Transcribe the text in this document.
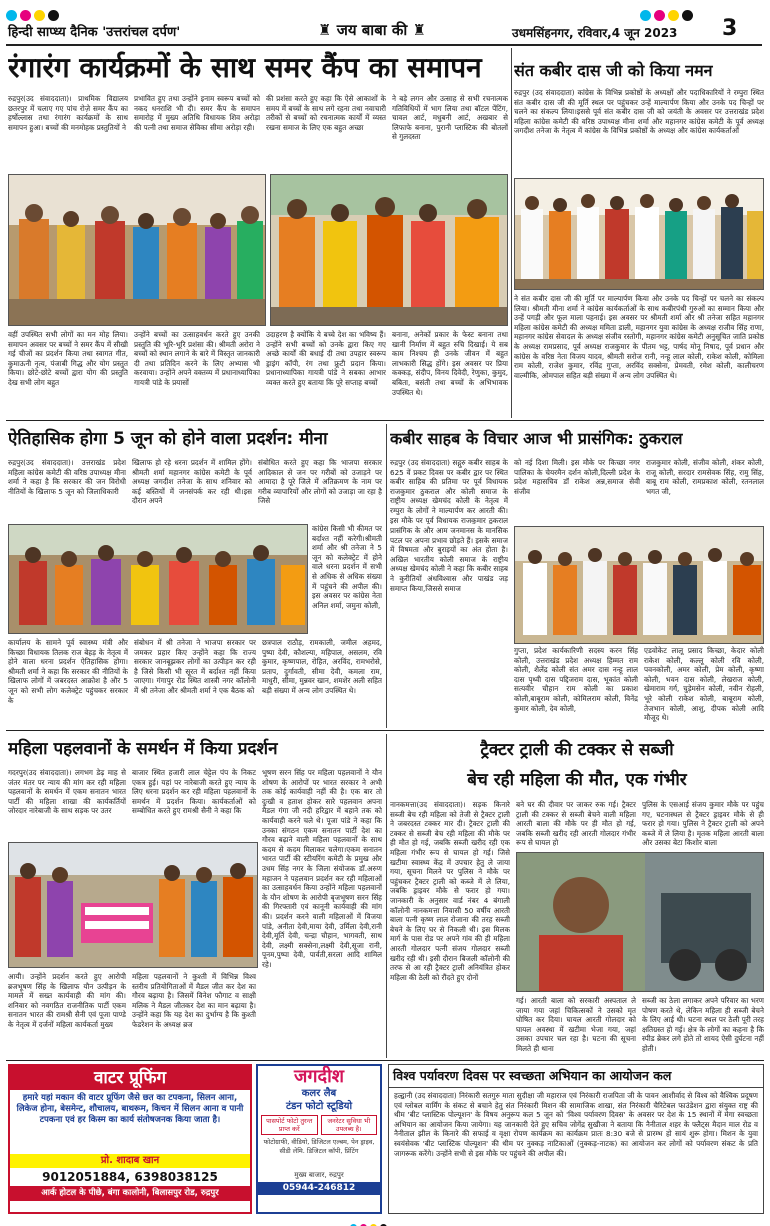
हिन्दी साप्ध्य दैनिक 'उत्तरांचल दर्पण'	♜ जय बाबा की ♜	उधमसिंहनगर, रविवार,4 जून 2023 3
रंगारंग कार्यक्रमों के साथ समर कैंप का समापन
रुद्रपुर(उद संवाददाता)। प्राथमिक विद्यालय छतरपुर में चलाए गए पांच रोज़े समर कैंप का हर्षोल्लास तथा रंगारंग कार्यक्रमों के साथ समापन हुआ। बच्चों की मनमोहक प्रस्तुतियों ने
प्रभावित हुए तथा उन्होंने इनाम स्वरूप बच्चों को नकद धनराशि भी दी। समर कैंप के समापन समारोह में मुख्य अतिथि विधायक शिव अरोड़ा की पत्नी तथा समाज सेविका सीमा अरोड़ा रही।
की प्रशंसा करते हुए कहा कि ऐसे आकाशों के समय में बच्चों के साथ लगे रहना तथा नवाचारी तरीकों से बच्चों को रचनात्मक कार्यों में व्यस्त रखना समाज के लिए एक बहुत अच्छा
ने बड़े लगन और उत्साह से सभी रचनात्मक गतिविधियों में भाग लिया तथा बॉटल पेंटिंग, चावल आर्ट, मधुबनी आर्ट, अखबार से लिफाफे बनाना, पुरानी प्लास्टिक की बोतलों से गुलदस्ता
वहीं उपस्थित सभी लोगों का मन मोह लिया। समापन अवसर पर बच्चों ने समर कैंप में सीखी गई चीजों का प्रदर्शन किया तथा स्वागत गीत, कुमाऊनी नृत्य, पंजाबी गिद्ध और योग प्रस्तुत किया। छोटे-छोटे बच्चों द्वारा योग की प्रस्तुति देख सभी लोग बहुत
उन्होंने बच्चों का उत्साहवर्धन करते हुए उनकी प्रस्तुति की भूरि-भूरि प्रशंसा की। श्रीमती अरोरा ने बच्चों को स्थान लगाने के बारे में विस्तृत जानकारी दी तथा प्रतिदिन करने के लिए अभ्यास भी करवाया। उन्होंने अपने वक्तव्य में प्रधानाध्यापिका गायत्री पांडे के प्रयासों
उदाहरण है क्योंकि ये बच्चे देश का भविष्य हैं। उन्होंने सभी बच्चों को उनके द्वारा किए गए अच्छे कार्यों की बधाई दी तथा उपहार स्वरूप ड्राइंग कॉपी, रंग तथा फ्रूटी प्रदान किया। प्रधानाध्यापिका गायत्री पांडे ने सबका आभार व्यक्त करते हुए बताया कि पूरे सप्ताह बच्चों
बनाना, अनेकों प्रकार के फेस्ट बनाना तथा खानी निर्माण में बहुत रुचि दिखाई। ये सब काम निश्चय ही उनके जीवन में बहुत लाभकारी सिद्ध होंगे। इस अवसर पर प्रिया कक्कड़, संदीप, विनय दिवेदी, रेणुका, कुमुद, बबिता, बसंती तथा बच्चों के अभिभावक उपस्थित थे।
संत कबीर दास जी को किया नमन
रुद्रपुर (उद संवाददाता) कांग्रेस के विभिन्न प्रकोष्ठों के अध्यक्षों और पदाधिकारियों ने रम्पुरा स्थित संत कबीर दास जी की मूर्ति स्थल पर पहुंचकर उन्हें माल्यार्पण किया और उनके पद चिन्हों पर चलने का संकल्प लिया।इससे पूर्व संत कबीर दास जी को जयंती के अवसर पर उत्तराखंड प्रदेश महिला कांग्रेस कमेटी की वरिष्ठ उपाध्यक्ष मीना शर्मा और महानगर कांग्रेस कमेटी के पूर्व अध्यक्ष जगदीश तनेजा के नेतृत्व में कांग्रेस के विभिन्न प्रकोष्ठों के अध्यक्ष और कांग्रेस कार्यकर्ताओं
ने संत कबीर दास जी की मूर्ति पर माल्यार्पण किया और उनके पद चिन्हों पर चलने का संकल्प लिया। श्रीमती मीना शर्मा ने कांग्रेस कार्यकर्ताओं के साथ कबीरपंथी गुरुओं का सम्मान किया और उन्हें पगड़ी और फूल माला पहनाई। इस अवसर पर श्रीमती शर्मा और श्री तनेजा सहित महानगर महिला कांग्रेस कमेटी की अध्यक्ष ममिता डाली, महानगर युवा कांग्रेस के अध्यक्ष राजीव सिंह राणा, महानगर कांग्रेस सेवादल के अध्यक्ष संजीव रस्तोगी, महानगर कांग्रेस कमेटी अनुसूचित जाति प्रकोष्ठ के अध्यक्ष रामप्रसाद, पूर्व अध्यक्ष राजकुमार के पीतम भट्ट, पार्षद मोनू निषाद, पूर्व प्रधान और कांग्रेस के वरिष्ठ नेता विजय यादव, श्रीमती सरोज रानी, नन्हू लाल कोली, राकेश कोली, कोमिला राम कोली, राजेश कुमार, रविंद्र गुप्ता, अरविंद सक्सेना, प्रेमवती, रमेश कोली, कालीचरण वाल्मीकि, ओमपाल सहित बड़ी संख्या में अन्य लोग उपस्थित थे।
ऐतिहासिक होगा 5 जून को होने वाला प्रदर्शन: मीना
रुद्रपुर(उद संवाददाता)। उत्तराखंड प्रदेश महिला कांग्रेस कमेटी की वरिष्ठ उपाध्यक्ष मीना शर्मा ने कहा है कि सरकार की जन विरोधी नीतियों के खिलाफ 5 जून को जिलाधिकारी
खिलाफ हो रहे धरना प्रदर्शन में शामिल होंगे। श्रीमती शर्मा महानगर कांग्रेस कमेटी के पूर्व अध्यक्ष जगदीश तनेजा के साथ शनिवार को कई बस्तियों में जनसंपर्क कर रही थी।इस दौरान अपने
संबोधित करते हुए कहा कि भाजपा सरकार आदिकाल से जन पर गरीबों को उजाड़ने पर आमादा है पूरे जिले में अतिक्रमण के नाम पर गरीब व्यापारियों और लोगों को उजाड़ा जा रहा है जिसे
कांग्रेस किसी भी कीमत पर बर्दाश्त नहीं करेगी।श्रीमती शर्मा और श्री तनेजा ने 5 जून को कलेक्ट्रेट में होने वाले धरना प्रदर्शन में सभी से अधिक से अधिक संख्या में पहुंचने की अपील की।इस अवसर पर कांग्रेस नेता अनिल शर्मा, जमुना कोली,
कार्यालय के सामने पूर्व स्वास्थ्य मंत्री और किच्छा विधायक तिलक राज बेहड़ के नेतृत्व में होने वाला धरना प्रदर्शन ऐतिहासिक होगा।श्रीमती शर्मा ने कहा कि सरकार की नीतियों के खिलाफ लोगों में जबरदस्त आक्रोश है और 5 जून को सभी लोग कलेक्ट्रेट पहुंचकर सरकार के
संबोधन में श्री तनेजा ने भाजपा सरकार पर जमकर प्रहार किए उन्होंने कहा कि राज्य सरकार जानबूझकर लोगों का उत्पीड़न कर रही है जिसे किसी भी सूरत में बर्दाश्त नहीं किया जाएगा। गंगापुर रोड स्थित शास्त्री नगर कॉलोनी में श्री तनेजा और श्रीमती शर्मा ने एक बैठक को
छत्रपाल राठौड़, रामकाली, जमील अहमद, पुष्पा देवी, कौशल्या, महिपाल, असलम, रवि कुमार, कृष्णपाल, रोहित, अरविंद, रामभरोसे, प्रताप, दुर्गावती, सीमा देवी, कमला राम, माधुरी, सीमा, मुन्नवर खान, शमशेर अली सहित बड़ी संख्या में अन्य लोग उपस्थित थे।
कबीर साहब के विचार आज भी प्रासंगिक: ठुकराल
रुद्रपुर (उद संवाददाता) सद्गुरु कबीर साहब के 625 वें प्रकट दिवस पर कबीर द्वार पर स्थित कबीर साहिब की प्रतिमा पर पूर्व विधायक राजकुमार ठुकराल और कोली समाज के राष्ट्रीय अध्यक्ष खेमचंद कोली के नेतृत्व में रम्पुरा के लोगों ने माल्यार्पण कर आरती की।इस मौके पर पूर्व विधायक राजकुमार ठुकराल
को नई दिशा मिली। इस मौके पर किच्छा नगर पालिका के चेयरमैन दर्शन कोली,दिल्ली प्रदेश के प्रदेश महासचिव डॉ राकेश अन्न,समाज सेवी संजीव
राजकुमार कोली, संजीव कोली, शंकर कोली, राजू कोली, सरदार रामसेवक सिंह, रामु सिंह, बाबू राम कोली, रामप्रकाश कोली, रतनलाल भगत जी,
प्रासंगिक के और आम जनमानस के मानसिक पटल पर अपना प्रभाव छोड़ते हैं। इसके समाज में विषमता और बुराइयों का अंत होता है। अखिल भारतीय कोली समाज के राष्ट्रीय अध्यक्ष खेमचंद कोली ने कहा कि कबीर साहब ने कुरीतियों अंधविश्वास और पाखंड जड़ समाप्त किया,जिससे समाज
गुप्ता, प्रदेश कार्यकारिणी सदस्य करन सिंह कोली, उत्तराखंड प्रदेश अध्यक्ष हिम्मत राम कोली, शैलेंद्र कोली संत अमर दास नन्हू लाल दास पृथ्वी दास पद्दिजराम दास, भूकांत कोली सत्यवीर चौहान राम कोली का प्रकाश कोली,बाबूराम कोली, कोमिलराम कोली, विनेंद्र कुमार कोली, देव कोली,
एडवोकेट लालू प्रसाद किच्छा, केदार कोली राकेश कोली, कल्लू कोली रवि कोली, पवनकोली, अमर कोली, प्रेम कोली, कृष्णा कोली, भवन दास कोली, लेखराज कोली, खेमाराम गर्ग, चुड़ेमसेन कोली, नवीन रोहली, भूरे कोली राकेश कोली, बाबूराम कोली, तेजभान कोली, आशु, दीपक कोली आदि मौजूद थे।
महिला पहलवानों के समर्थन में किया प्रदर्शन
गदरपुर(उद संवाददाता)। लगभग डेढ़ माह से जंतर मंतर पर न्याय की मांग कर रही महिला पहलवानों के समर्थन में एकम सनातन भारत पार्टी की महिला शाखा की कार्यकर्तियों जोरदार नारेबाजी के साथ सड़क पर उतर
बाजार स्थित हजारी लाल चेट्टेल पंप के निकट एकत्र हुई। यहां पर नारेबाजी करते हुए न्याय के लिए धरना प्रदर्शन कर रही महिला पहलवानों के समर्थन में प्रदर्शन किया। कार्यकर्ताओं को सम्बोधित करते हुए रामश्री सैनी ने कहा कि
भूषण सरन सिंह पर महिला पहलवानों ने यौन शोषण के आरोपों पर भारत सरकार ने अभी तक कोई कार्यवाही नहीं की है। एक बार तो दुःखी व हताश होकर सारे पहलवान अपना मैडल गंगा जी नदी हरिद्वार में बहाने तक को कार्यवाही करने चले थे। पूजा पांडे ने कहा कि उनका संगठन एकम सनातन पार्टी देश का गौरव बढ़ाने वाली महिला पहलवानों के साथ कदम से कदम मिलाकर चलेगा।एकम सनातन भारत पार्टी की स्टीयरिंग कमेटी के प्रमुख और उधम सिंह नगर के जिला संयोजक डॉ.अरुण महाजन ने पहलवान प्रदर्शन कर रही महिलाओं का उत्साहवर्धन किया उन्होंने महिला पहलवानों के यौन शोषण के आरोपी बृजभूषण सरन सिंह की गिरफ्तारी एवं कानूनी कार्यवाही की मांग की। प्रदर्शन करने वाली महिलाओं में विजया पांडे, अनीता देवी,माया देवी, उर्मिला देवी,रानी देवी,मूर्ति देवी, चन्द्रा चौहान, भागवती, साथ देवी, लक्ष्मी सक्सेना,लक्ष्मी देवी,सूजा रानी, पूनम,पुष्पा देवी, पार्वती,सरला आदि शामिल रहे।
आयी। उन्होंने प्रदर्शन करते हुए आरोपी ब्रजभूषण सिंह के खिलाफ यौन उत्पीड़न के मामले में सख्त कार्यवाही की मांग की। शनिवार को नवगठित राजनीतिक पार्टी एकम सनातन भारत की रामश्री सैनी एवं पूजा पाण्डे के नेतृत्व में दर्जनों महिला कार्यकर्ता मुख्य
महिला पहलवानों ने कुश्ती में विभिन्न विश्व स्तरीय प्रतियोगिताओं में मैडल जीत कर देश का गौरव बढ़ाया है। जिसमें विनेश फौगाट व साक्षी मलिक ने मैडल जीतकर देश का मान बढ़ाया है। उन्होंने कहा कि यह देश का दुर्भाग्य है कि कुश्ती फेडरेशन के अध्यक्ष ब्रज
ट्रैक्टर ट्राली की टक्कर से सब्जी
बेच रही महिला की मौत, एक गंभीर
नानकमत्ता(उद संवाददाता)। सड़क किनारे सब्जी बेच रही महिला को तेजी से ट्रैक्टर ट्राली ने जबरदस्त टक्कर मार दी। ट्रैक्टर ट्राली की टक्कर से सब्जी बेच रही महिला की मौके पर ही मौत हो गई, जबकि सब्जी खरीद रही एक महिला गंभीर रूप से घायल हो गई। जिसे खटीमा स्वास्थ्य केंद्र में उपचार हेतु ले जाया गया, सूचना मिलने पर पुलिस ने मौके पर पहुंचकर ट्रैक्टर ट्राली को कब्जे में ले लिया, जबकि ड्राइवर मौके से फरार हो गया। जानकारी के अनुसार वार्ड नंबर 4 बंगाली कॉलोनी नानकमत्ता निवासी 50 वर्षीय आरती बाला पत्नी कृष्ण लाल रोजाना की तरह सब्जी बेचने के लिए घर से निकली थी। इस मिलक मार्ग के पास रोड पर अपने गांव की ही महिला आरती गोलदार पत्नी संजय गोलदार सब्जी खरीद रही थी। इसी दौरान बिजली कॉलोनी की तरफ से आ रही ट्रैक्टर ट्राली अनियंत्रित होकर महिला की ठेली को रौंदते हुए दोनों
बने घर की दीवार पर जाकर रुक गई। ट्रैक्टर ट्राली की टक्कर से सब्जी बेचने वाली महिला आरती बाला की मौके पर ही मौत हो गई, जबकि सब्जी खरीद रही आरती गोलदार गंभीर रूप से घायल हो
पुलिस के एसआई संजय कुमार मौके पर पहुंच गए, घटनास्थल से ट्रैक्टर ड्राइवर मौके से ही फरार हो गया। पुलिस ने ट्रैक्टर ट्राली को अपने कब्जे में ले लिया है। मृतक महिला आरती बाला और उसका बेटा किशोर बाला
गई। आरती बाला को सरकारी अस्पताल ले जाया गया जहां चिकित्सकों ने उसको मृत घोषित कर दिया। घायल आरती गोलदार को घायल अवस्था में खटीमा भेजा गया, जहां उसका उपचार चल रहा है। घटना की सूचना मिलते ही थाना
सब्जी का ठेला लगाकर अपने परिवार का भरण पोषण करते थे, लेकिन महिला ही सब्जी बेचने के लिए आई थी। घटना स्थल पर ठेली पूरी तरह क्षतिग्रस्त हो गई। क्षेत्र के लोगों का कहना है कि स्पीड ब्रेकर लगे होते तो शायद ऐसी दुर्घटना नहीं होती।
वाटर प्रूफिंग
हमारे यहां मकान की वाटर प्रूफिंग जैसे छत का टपकना, सिलन आना, लिकेज होना, बेसमेन्ट, शौचालय, बाथरूम, किचन में सिलन आना व पानी टपकना एवं हर किस्म का कार्य संतोषजनक किया जाता है।
प्रो. शादाब खान
9012051884, 6398038125
आर्क होटल के पीछे, बंगा कालोनी, बिलासपुर रोड, रुद्रपुर
जगदीश
कलर लैब
टंडन फोटो स्टूडियो
पासपोर्ट फोटो तुरन्त प्राप्त करें
जनरेटर सुविधा भी उपलब्ध है।
फोटोग्राफी, वीडियो, डिजिटल एल्बम, पेन ड्राइव, सीडी लेमि. डिजिटल कॉपी, प्रिंटिंग
मुख्य बाजार, रुद्रपुर
05944-246812
विश्व पर्यावरण दिवस पर स्वच्छता अभियान का आयोजन कल
हल्द्वानी (उद संवाददाता) निरंकारी सतगुरु माता सुदीक्षा जी महाराज एवं निरंकारी राजपिता जी के पावन आशीर्वाद से विश्व को वैश्विक प्रदूषण एवं ग्लोबल वार्मिंग के संकट से बचाने हेतु संत निरंकारी मिशन की सामाजिक शाखा, संत निरंकारी चैरिटेबल फाउंडेशन द्वारा संयुक्त राष्ट्र की थीम 'बीट प्लास्टिक पोल्यूशन' के विषय अनुरूप कल 5 जून को 'विश्व पर्यावरण दिवस' के अवसर पर देश के 15 स्थानों में मेगा स्वच्छता अभियान का आयोजन किया जायेगा। यह जानकारी देते हुए सचिव जोगेंद्र सुखीजा ने बताया कि नैनीताल शहर के फ्लैट्स मैदान माल रोड व नैनीताल झील के किनारे की सफाई व वृक्षा रोपण कार्यक्रम का कार्यक्रम प्रातः 8:30 बजे से प्रारम्भ हो सायं शुरू होगा। मिशन के युवा स्वयंसेवक 'बीट प्लास्टिक पोल्यूशन' की थीम पर नुक्कड़ नाटिकाओं (नुक्कड़-नाटक) का आयोजन कर लोगों को पर्यावरण संकट के प्रति जागरूक करेंगे। उन्होंने सभी से इस मौके पर पहुंचने की अपील की।
